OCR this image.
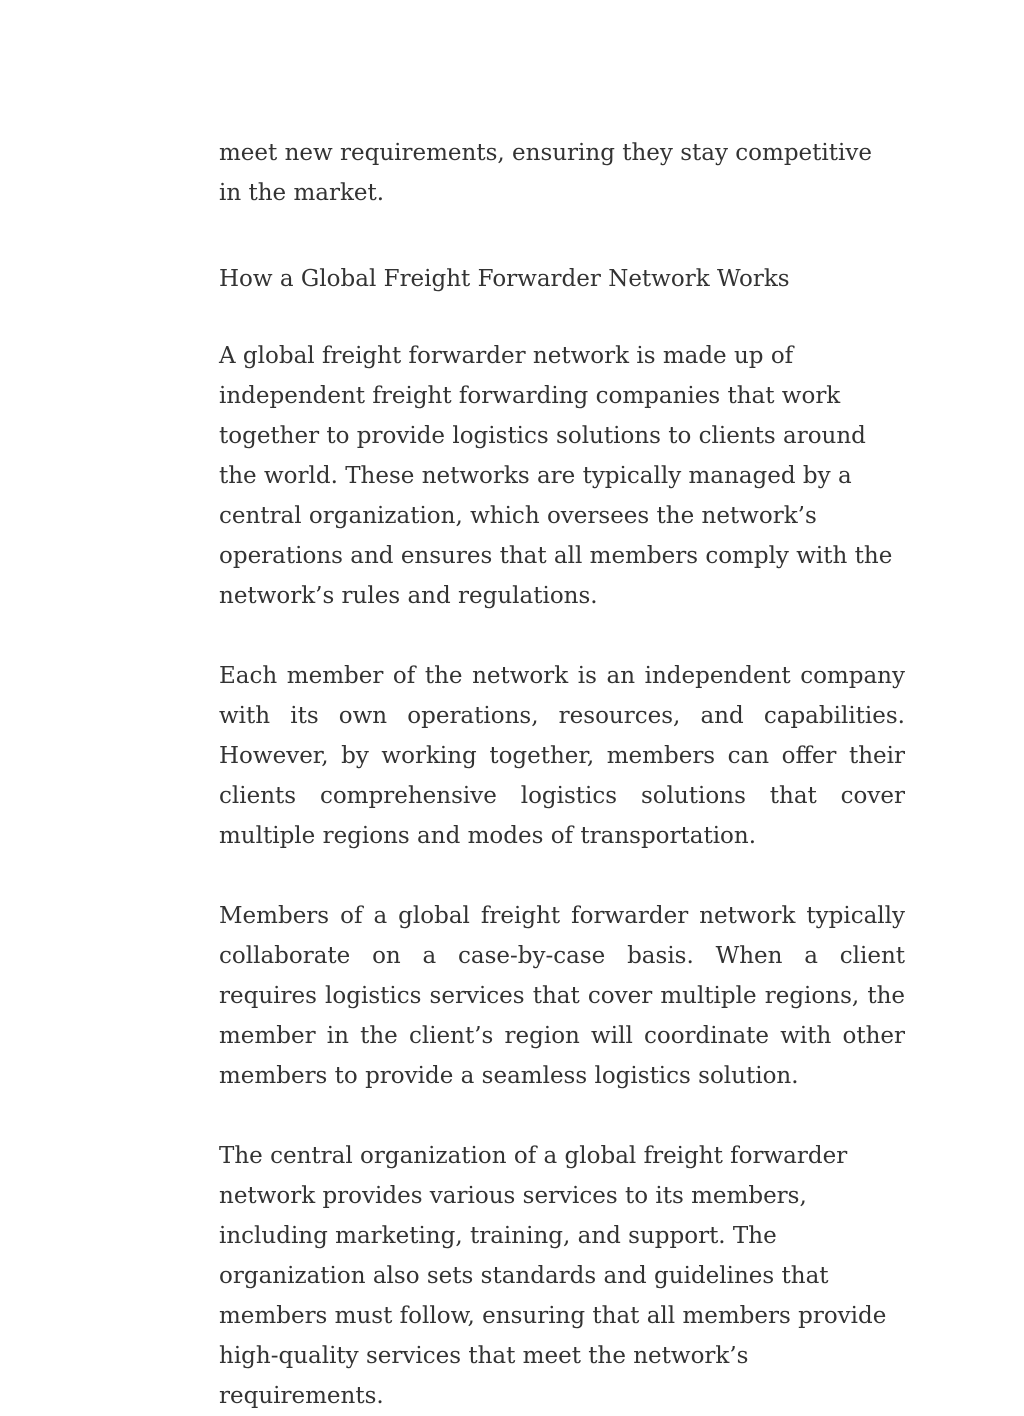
meet new requirements, ensuring they stay competitive in the market.

How a Global Freight Forwarder Network Works

A global freight forwarder network is made up of independent freight forwarding companies that work together to provide logistics solutions to clients around the world. These networks are typically managed by a central organization, which oversees the network’s operations and ensures that all members comply with the network’s rules and regulations.

Each member of the network is an independent company with its own operations, resources, and capabilities. However, by working together, members can offer their clients comprehensive logistics solutions that cover multiple regions and modes of transportation.

Members of a global freight forwarder network typically collaborate on a case-by-case basis. When a client requires logistics services that cover multiple regions, the member in the client’s region will coordinate with other members to provide a seamless logistics solution.

The central organization of a global freight forwarder network provides various services to its members, including marketing, training, and support. The organization also sets standards and guidelines that members must follow, ensuring that all members provide high-quality services that meet the network’s requirements.
